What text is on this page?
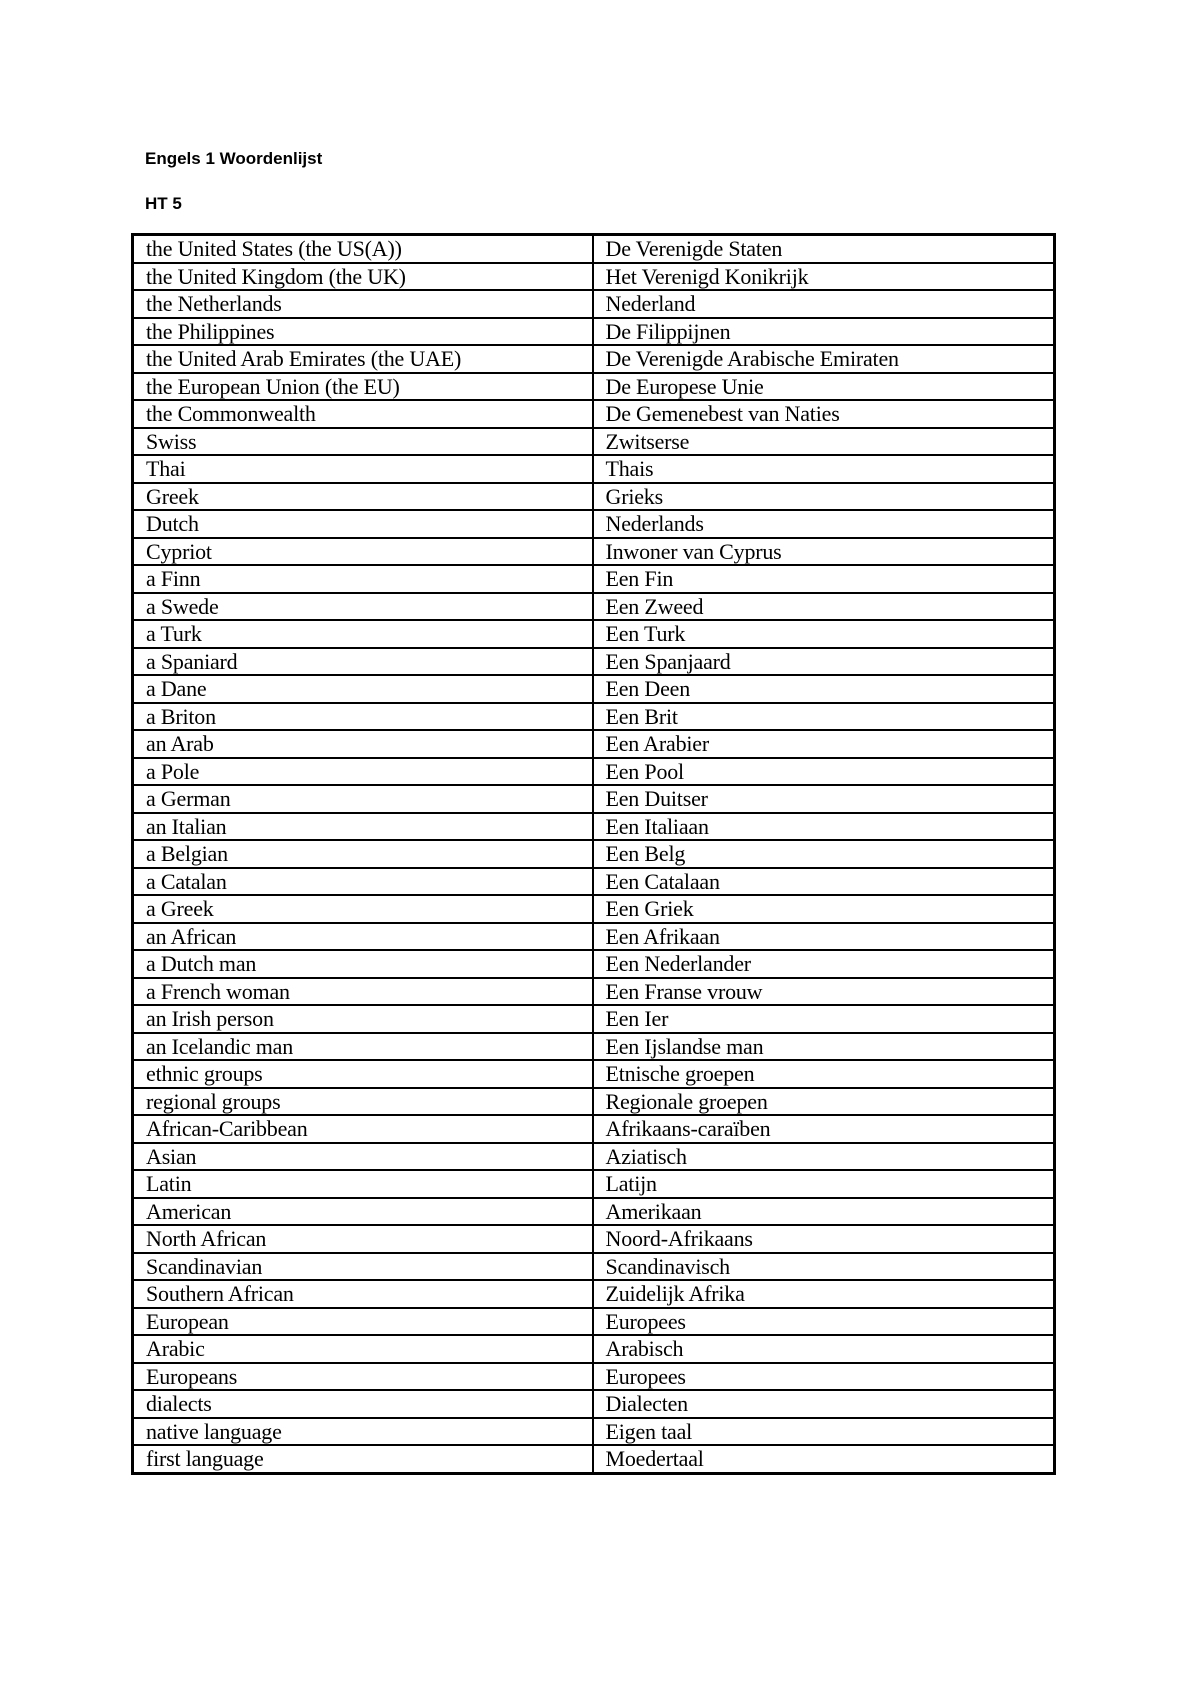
Engels 1 Woordenlijst
HT 5
the United States (the US(A))	De Verenigde Staten
the United Kingdom (the UK)	Het Verenigd Konikrijk
the Netherlands	Nederland
the Philippines	De Filippijnen
the United Arab Emirates (the UAE)	De Verenigde Arabische Emiraten
the European Union (the EU)	De Europese Unie
the Commonwealth	De Gemenebest van Naties
Swiss	Zwitserse
Thai	Thais
Greek	Grieks
Dutch	Nederlands
Cypriot	Inwoner van Cyprus
a Finn	Een Fin
a Swede	Een Zweed
a Turk	Een Turk
a Spaniard	Een Spanjaard
a Dane	Een Deen
a Briton	Een Brit
an Arab	Een Arabier
a Pole	Een Pool
a German	Een Duitser
an Italian	Een Italiaan
a Belgian	Een Belg
a Catalan	Een Catalaan
a Greek	Een Griek
an African	Een Afrikaan
a Dutch man	Een Nederlander
a French woman	Een Franse vrouw
an Irish person	Een Ier
an Icelandic man	Een Ijslandse man
ethnic groups	Etnische groepen
regional groups	Regionale groepen
African-Caribbean	Afrikaans-caraïben
Asian	Aziatisch
Latin	Latijn
American	Amerikaan
North African	Noord-Afrikaans
Scandinavian	Scandinavisch
Southern African	Zuidelijk Afrika
European	Europees
Arabic	Arabisch
Europeans	Europees
dialects	Dialecten
native language	Eigen taal
first language	Moedertaal
